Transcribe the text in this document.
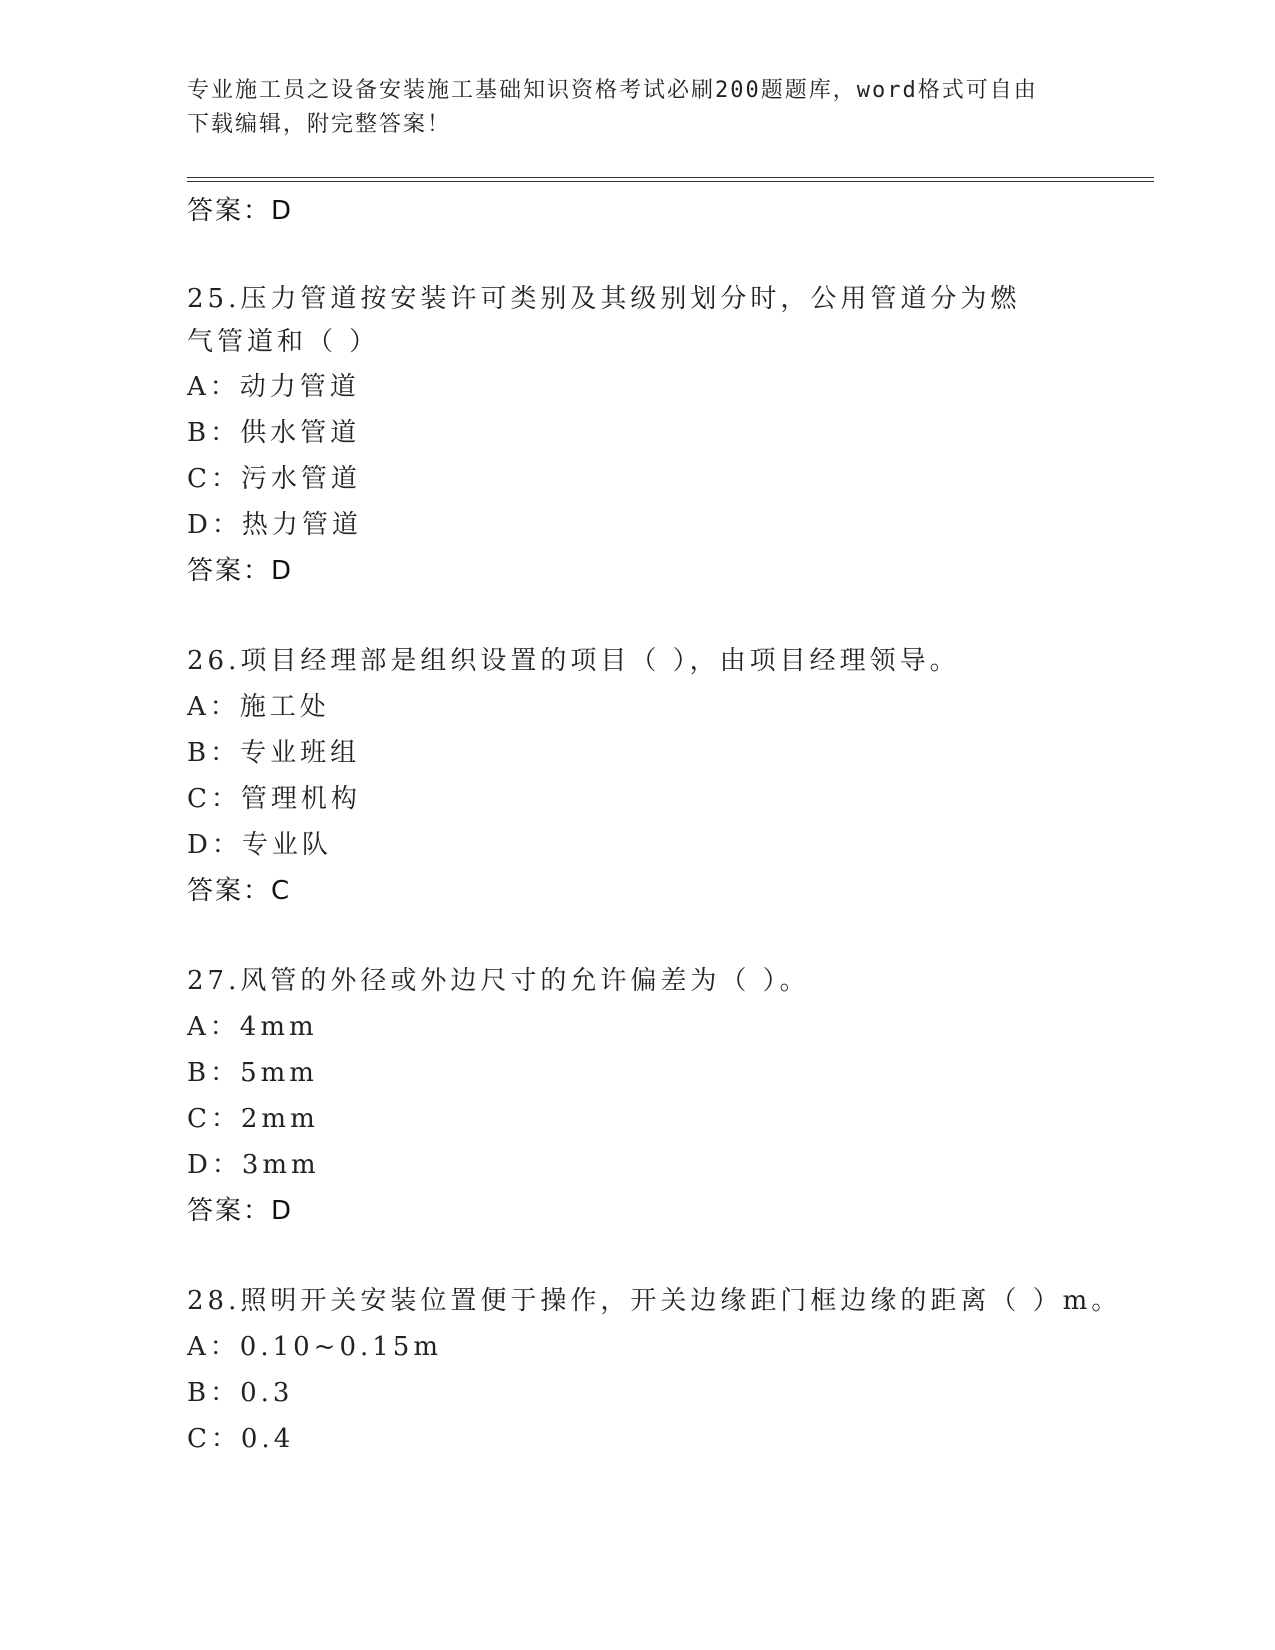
专业施工员之设备安装施工基础知识资格考试必刷200题题库，word格式可自由
下载编辑，附完整答案！
答案：D
25.压力管道按安装许可类别及其级别划分时，公用管道分为燃气管道和（ ）
A：动力管道
B：供水管道
C：污水管道
D：热力管道
答案：D
26.项目经理部是组织设置的项目（ ），由项目经理领导。
A：施工处
B：专业班组
C：管理机构
D：专业队
答案：C
27.风管的外径或外边尺寸的允许偏差为（ ）。
A：4mm
B：5mm
C：2mm
D：3mm
答案：D
28.照明开关安装位置便于操作，开关边缘距门框边缘的距离（ ）m。
A：0.10~0.15m
B：0.3
C：0.4
